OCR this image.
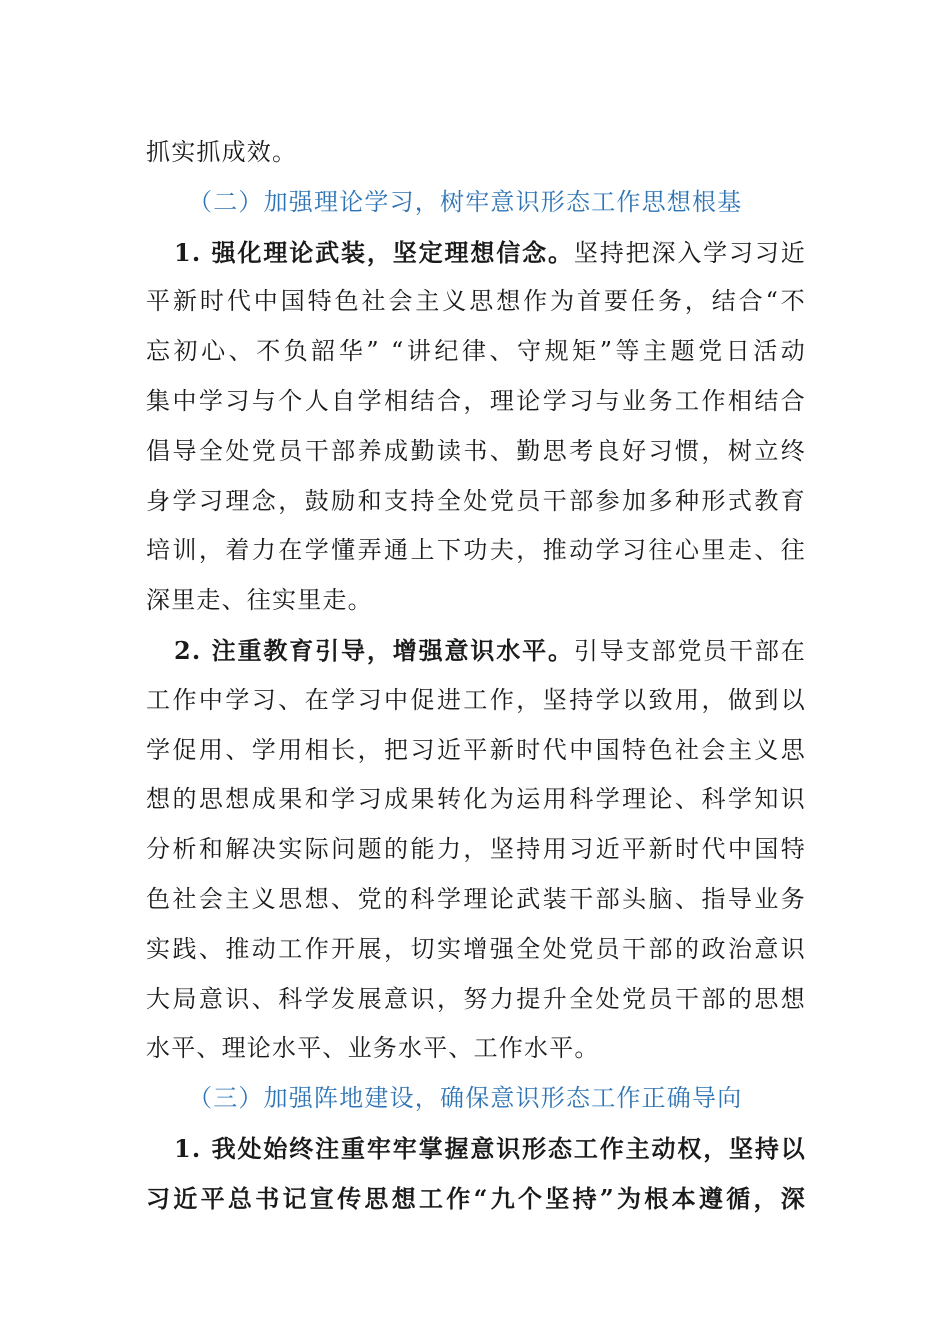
抓实抓成效。
（二）加强理论学习，树牢意识形态工作思想根基
1. 强化理论武装，坚定理想信念。坚持把深入学习习近
平新时代中国特色社会主义思想作为首要任务，结合“不
忘初心、不负韶华” “讲纪律、守规矩”等主题党日活动
集中学习与个人自学相结合，理论学习与业务工作相结合
倡导全处党员干部养成勤读书、勤思考良好习惯，树立终
身学习理念，鼓励和支持全处党员干部参加多种形式教育
培训，着力在学懂弄通上下功夫，推动学习往心里走、往
深里走、往实里走。
2. 注重教育引导，增强意识水平。引导支部党员干部在
工作中学习、在学习中促进工作，坚持学以致用，做到以
学促用、学用相长，把习近平新时代中国特色社会主义思
想的思想成果和学习成果转化为运用科学理论、科学知识
分析和解决实际问题的能力，坚持用习近平新时代中国特
色社会主义思想、党的科学理论武装干部头脑、指导业务
实践、推动工作开展，切实增强全处党员干部的政治意识
大局意识、科学发展意识，努力提升全处党员干部的思想
水平、理论水平、业务水平、工作水平。
（三）加强阵地建设，确保意识形态工作正确导向
1. 我处始终注重牢牢掌握意识形态工作主动权，坚持以
习近平总书记宣传思想工作“九个坚持”为根本遵循，深
